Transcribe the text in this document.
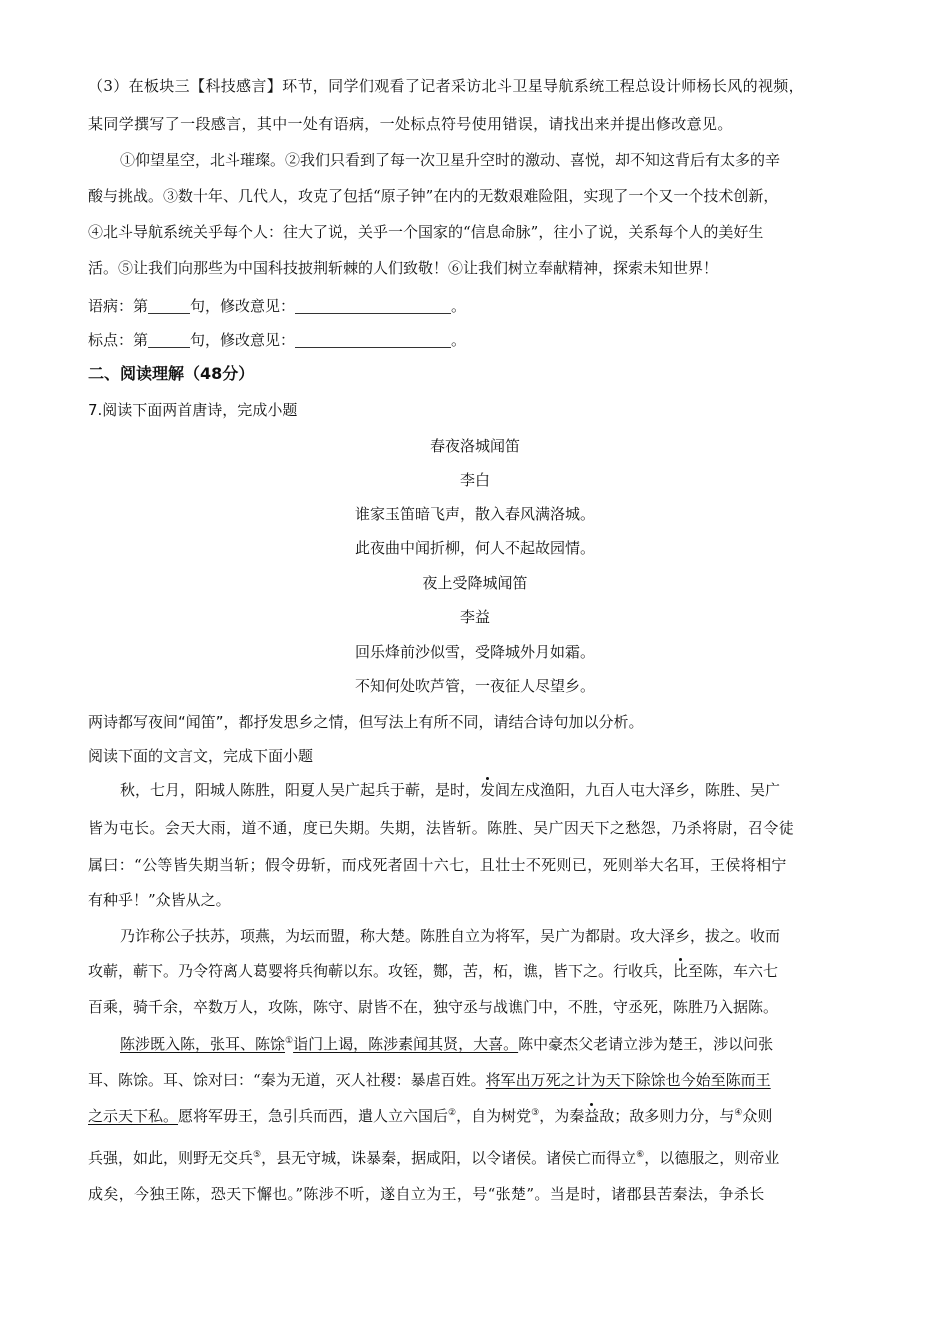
（3）在板块三【科技感言】环节，同学们观看了记者采访北斗卫星导航系统工程总设计师杨长风的视频，
某同学撰写了一段感言，其中一处有语病，一处标点符号使用错误，请找出来并提出修改意见。
①仰望星空，北斗璀璨。②我们只看到了每一次卫星升空时的激动、喜悦，却不知这背后有太多的辛
酸与挑战。③数十年、几代人，攻克了包括“原子钟”在内的无数艰难险阻，实现了一个又一个技术创新，
④北斗导航系统关乎每个人：往大了说，关乎一个国家的“信息命脉”，往小了说，关系每个人的美好生
活。⑤让我们向那些为中国科技披荆斩棘的人们致敬！⑥让我们树立奉献精神，探索未知世界！
语病：第	句，修改意见：	。
标点：第	句，修改意见：	。
二、阅读理解（48分）
7.阅读下面两首唐诗，完成小题
春夜洛城闻笛
李白
谁家玉笛暗飞声，散入春风满洛城。
此夜曲中闻折柳，何人不起故园情。
夜上受降城闻笛
李益
回乐烽前沙似雪，受降城外月如霜。
不知何处吹芦管，一夜征人尽望乡。
两诗都写夜间“闻笛”，都抒发思乡之情，但写法上有所不同，请结合诗句加以分析。
阅读下面的文言文，完成下面小题
秋，七月，阳城人陈胜，阳夏人吴广起兵于蕲，是时，发闾左戍渔阳，九百人屯大泽乡，陈胜、吴广
皆为屯长。会天大雨，道不通，度已失期。失期，法皆斩。陈胜、吴广因天下之愁怨，乃杀将尉，召令徒
属曰：“公等皆失期当斩；假令毋斩，而戍死者固十六七，且壮士不死则已，死则举大名耳，王侯将相宁
有种乎！”众皆从之。
乃诈称公子扶苏，项燕，为坛而盟，称大楚。陈胜自立为将军，吴广为都尉。攻大泽乡，拔之。收而
攻蕲，蕲下。乃令符离人葛婴将兵徇蕲以东。攻铚，酂，苦，柘，谯，皆下之。行收兵，比至陈，车六七
百乘，骑千余，卒数万人，攻陈，陈守、尉皆不在，独守丞与战谯门中，不胜，守丞死，陈胜乃入据陈。
陈涉既入陈，张耳、陈馀①诣门上谒，陈涉素闻其贤，大喜。陈中豪杰父老请立涉为楚王，涉以问张
耳、陈馀。耳、馀对曰：“秦为无道，灭人社稷：暴虐百姓。将军出万死之计为天下除馀也今始至陈而王
之示天下私。愿将军毋王，急引兵而西，遣人立六国后②，自为树党③，为秦益敌；敌多则力分，与④众则
兵强，如此，则野无交兵⑤，县无守城，诛暴秦，据咸阳，以令诸侯。诸侯亡而得立⑥，以德服之，则帝业
成矣，今独王陈，恐天下懈也。”陈涉不听，遂自立为王，号“张楚”。当是时，诸郡县苦秦法，争杀长
